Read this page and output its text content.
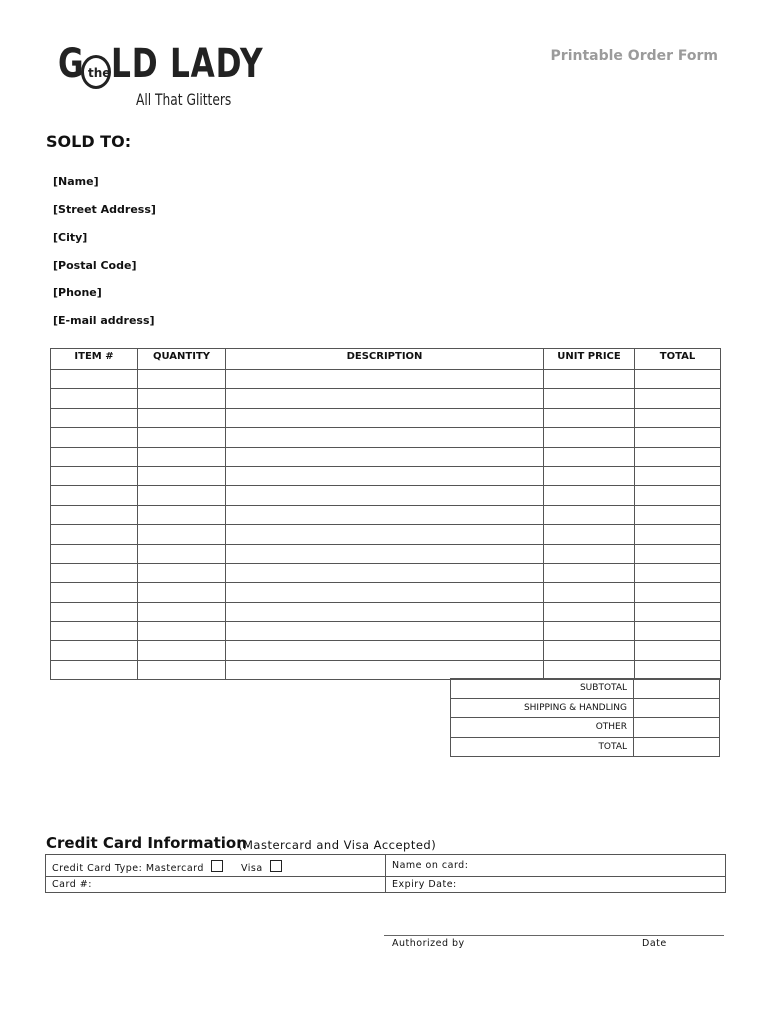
the
G LD LADY
All That Glitters
Printable Order Form
SOLD TO:
[Name]
[Street Address]
[City]
[Postal Code]
[Phone]
[E-mail address]
ITEM #	QUANTITY	DESCRIPTION	UNIT PRICE	TOTAL

SUBTOTAL	
SHIPPING & HANDLING	
OTHER	
TOTAL	
Credit Card Information
(Mastercard and Visa Accepted)
Credit Card Type: Mastercard Visa	Name on card:
Card #:	Expiry Date:
Authorized by	Date
